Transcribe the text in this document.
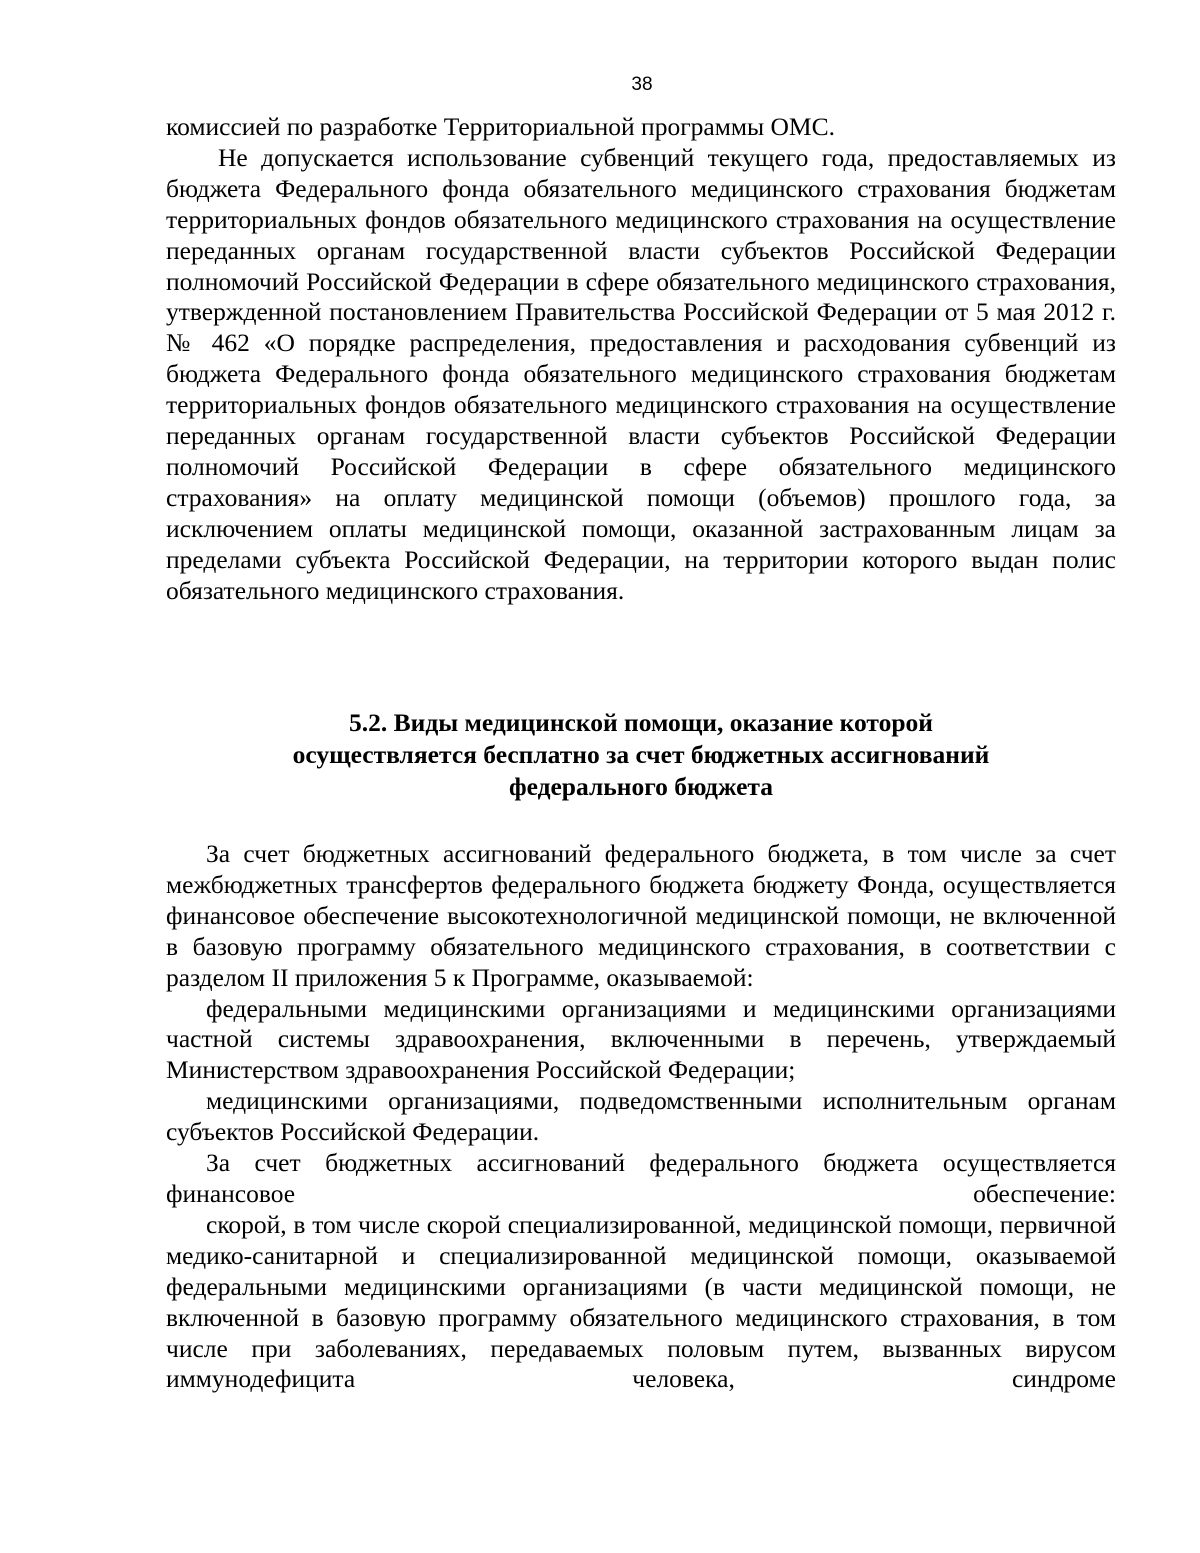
38

комиссией по разработке Территориальной программы ОМС.

Не допускается использование субвенций текущего года, предоставляемых из бюджета Федерального фонда обязательного медицинского страхования бюджетам территориальных фондов обязательного медицинского страхования на осуществление переданных органам государственной власти субъектов Российской Федерации полномочий Российской Федерации в сфере обязательного медицинского страхования, утвержденной постановлением Правительства Российской Федерации от 5 мая 2012 г. № 462 «О порядке распределения, предоставления и расходования субвенций из бюджета Федерального фонда обязательного медицинского страхования бюджетам территориальных фондов обязательного медицинского страхования на осуществление переданных органам государственной власти субъектов Российской Федерации полномочий Российской Федерации в сфере обязательного медицинского страхования» на оплату медицинской помощи (объемов) прошлого года, за исключением оплаты медицинской помощи, оказанной застрахованным лицам за пределами субъекта Российской Федерации, на территории которого выдан полис обязательного медицинского страхования.

5.2. Виды медицинской помощи, оказание которой
осуществляется бесплатно за счет бюджетных ассигнований
федерального бюджета

За счет бюджетных ассигнований федерального бюджета, в том числе за счет межбюджетных трансфертов федерального бюджета бюджету Фонда, осуществляется финансовое обеспечение высокотехнологичной медицинской помощи, не включенной в базовую программу обязательного медицинского страхования, в соответствии с разделом II приложения 5 к Программе, оказываемой:

федеральными медицинскими организациями и медицинскими организациями частной системы здравоохранения, включенными в перечень, утверждаемый Министерством здравоохранения Российской Федерации;

медицинскими организациями, подведомственными исполнительным органам субъектов Российской Федерации.

За счет бюджетных ассигнований федерального бюджета осуществляется финансовое обеспечение:

скорой, в том числе скорой специализированной, медицинской помощи, первичной медико-санитарной и специализированной медицинской помощи, оказываемой федеральными медицинскими организациями (в части медицинской помощи, не включенной в базовую программу обязательного медицинского страхования, в том числе при заболеваниях, передаваемых половым путем, вызванных вирусом иммунодефицита человека, синдроме
